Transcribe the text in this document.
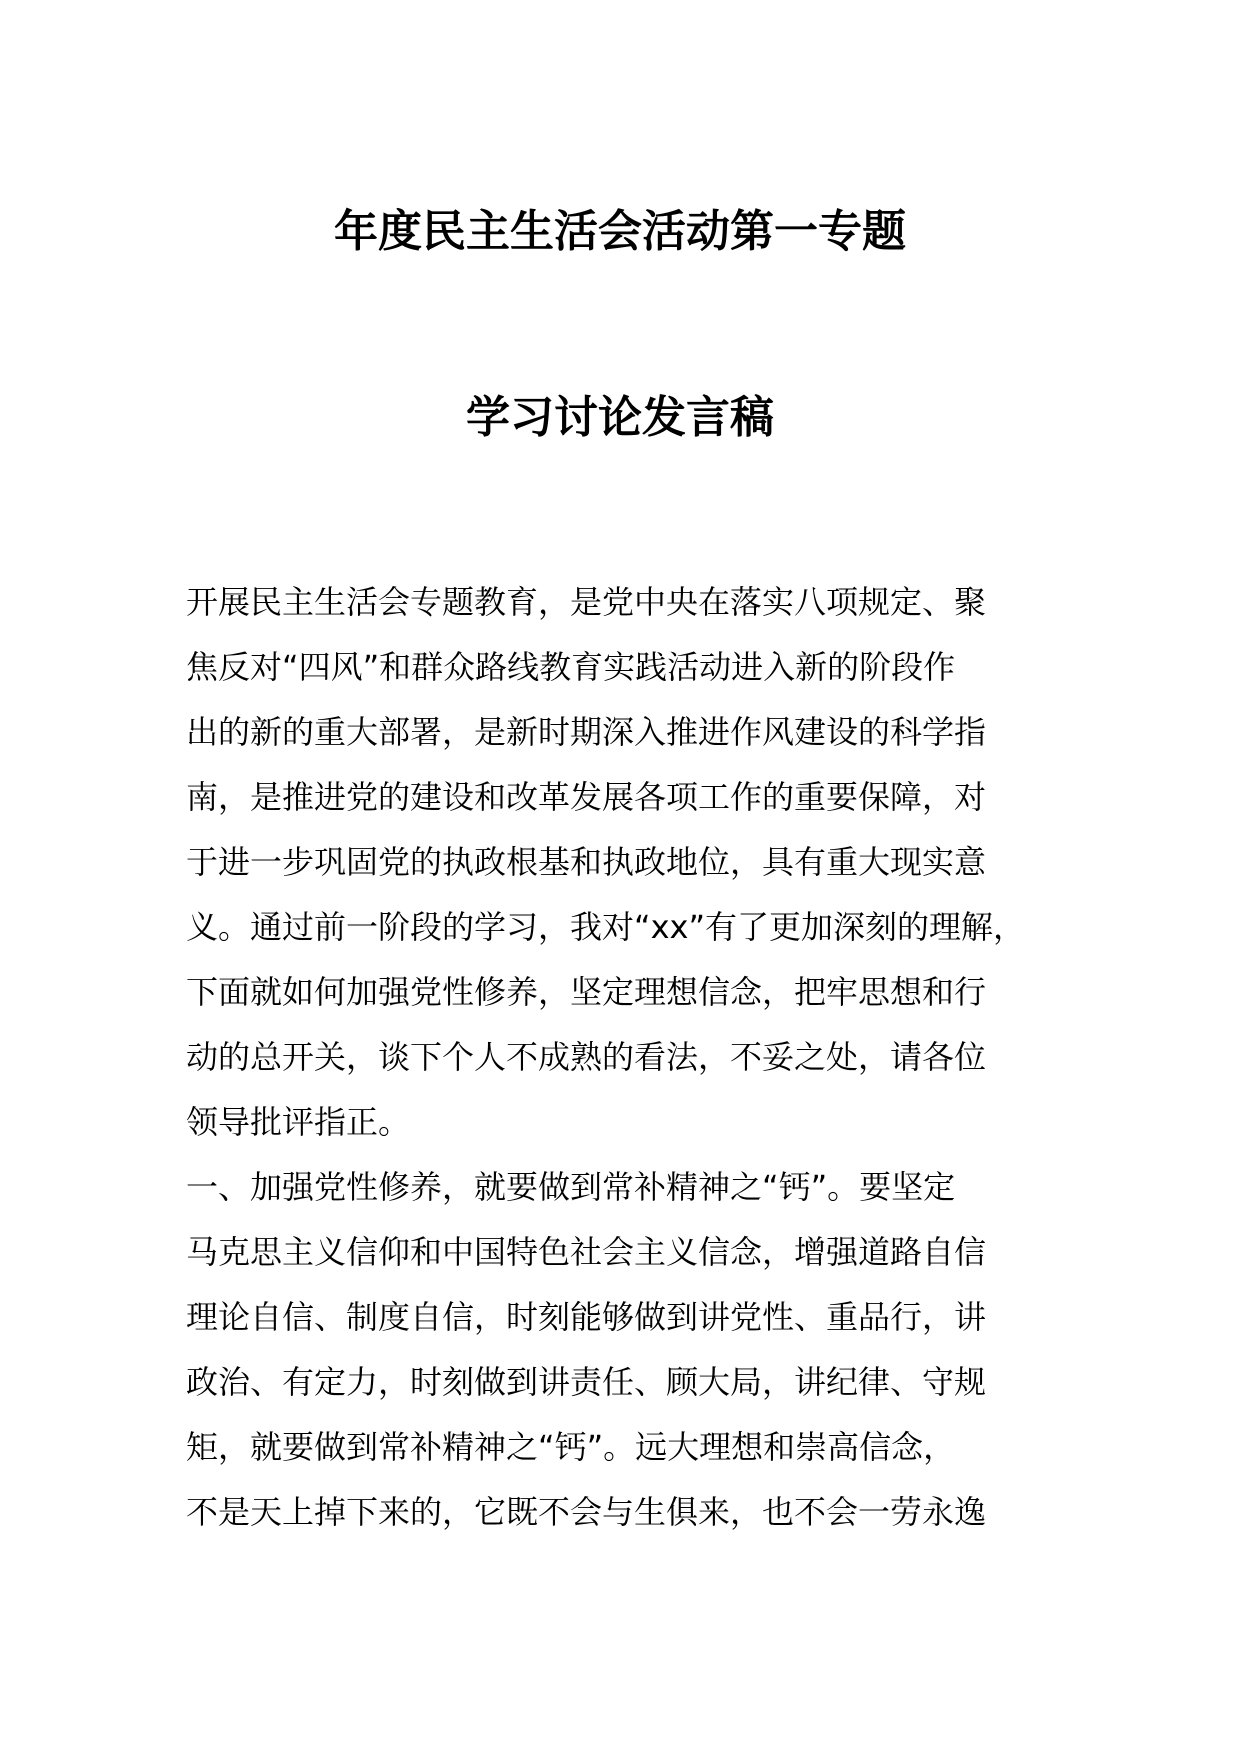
年度民主生活会活动第一专题
学习讨论发言稿
开展民主生活会专题教育，是党中央在落实八项规定、聚
焦反对“四风”和群众路线教育实践活动进入新的阶段作
出的新的重大部署，是新时期深入推进作风建设的科学指
南，是推进党的建设和改革发展各项工作的重要保障，对
于进一步巩固党的执政根基和执政地位，具有重大现实意
义。通过前一阶段的学习，我对“xx”有了更加深刻的理解，
下面就如何加强党性修养，坚定理想信念，把牢思想和行
动的总开关，谈下个人不成熟的看法，不妥之处，请各位
领导批评指正。
一、加强党性修养，就要做到常补精神之“钙”。要坚定
马克思主义信仰和中国特色社会主义信念，增强道路自信
理论自信、制度自信，时刻能够做到讲党性、重品行，讲
政治、有定力，时刻做到讲责任、顾大局，讲纪律、守规
矩，就要做到常补精神之“钙”。远大理想和崇高信念，
不是天上掉下来的，它既不会与生俱来，也不会一劳永逸
